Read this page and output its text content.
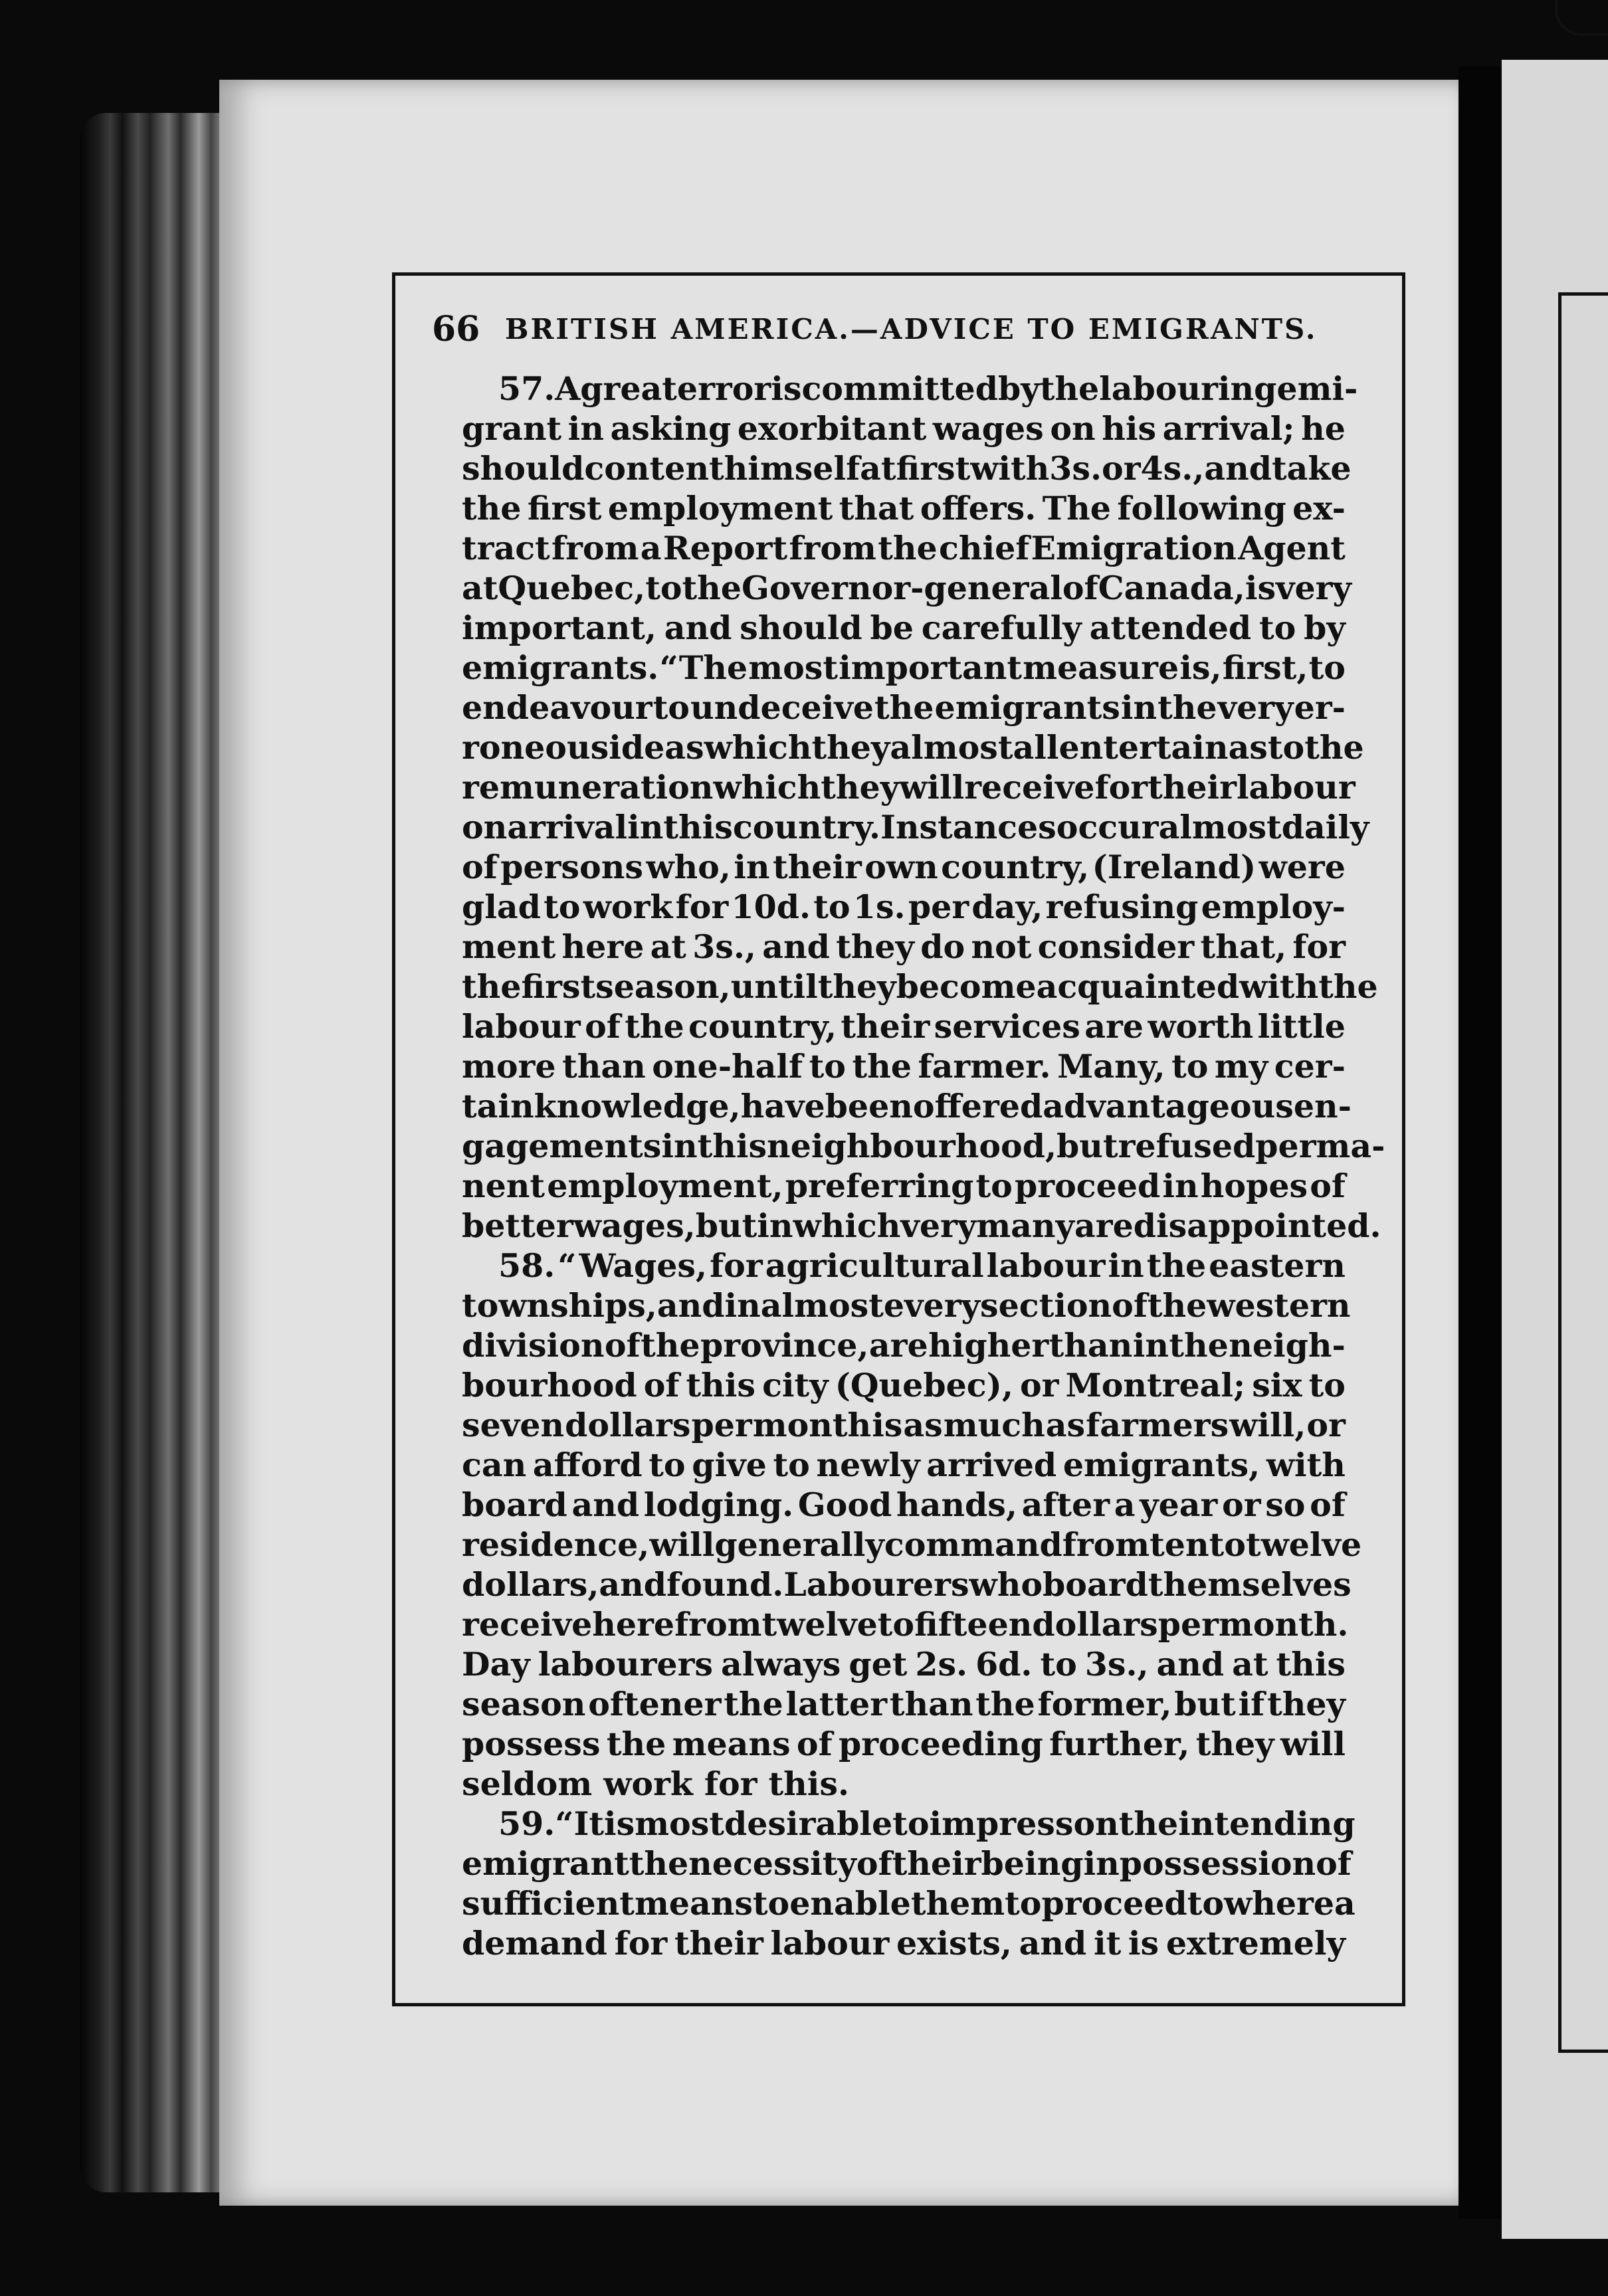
66 BRITISH AMERICA.—ADVICE TO EMIGRANTS.
57. A great error is committed by the labouring emi-
grant in asking exorbitant wages on his arrival; he
should content himself at first with 3s. or 4s., and take
the first employment that offers. The following ex-
tract from a Report from the chief Emigration Agent
at Quebec, to the Governor-general of Canada, is very
important, and should be carefully attended to by
emigrants. “ The most important measure is, first, to
endeavour to undeceive the emigrants in the very er-
roneous ideas which they almost all entertain as to the
remuneration which they will receive for their labour
on arrival in this country. Instances occur almost daily
of persons who, in their own country, (Ireland) were
glad to work for 10d. to 1s. per day, refusing employ-
ment here at 3s., and they do not consider that, for
the first season, until they become acquainted with the
labour of the country, their services are worth little
more than one-half to the farmer. Many, to my cer-
tain knowledge, have been offered advantageous en-
gagements in this neighbourhood, but refused perma-
nent employment, preferring to proceed in hopes of
better wages, but in which very many are disappointed.
58. “ Wages, for agricultural labour in the eastern
townships, and in almost every section of the western
division of the province, are higher than in the neigh-
bourhood of this city (Quebec), or Montreal; six to
seven dollars per month is as much as farmers will, or
can afford to give to newly arrived emigrants, with
board and lodging. Good hands, after a year or so of
residence, will generally command from ten to twelve
dollars, and found. Labourers who board themselves
receive here from twelve to fifteen dollars per month.
Day labourers always get 2s. 6d. to 3s., and at this
season oftener the latter than the former, but if they
possess the means of proceeding further, they will
seldom work for this.
59. “ It is most desirable to impress on the intending
emigrant the necessity of their being in possession of
sufficient means to enable them to proceed to where a
demand for their labour exists, and it is extremely
